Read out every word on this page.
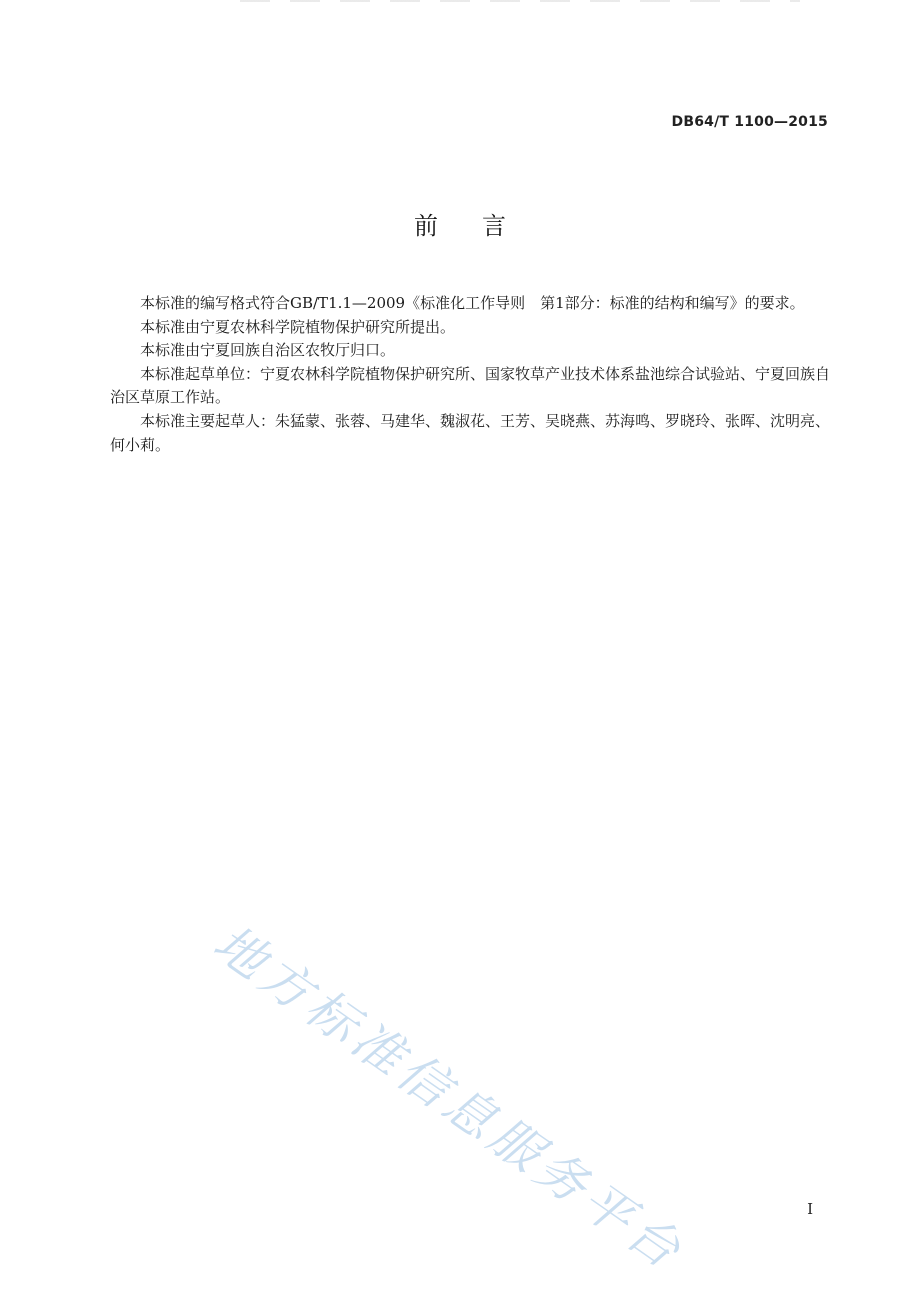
DB64/T 1100—2015
前言

本标准的编写格式符合GB/T1.1—2009《标准化工作导则　第1部分：标准的结构和编写》的要求。

本标准由宁夏农林科学院植物保护研究所提出。

本标准由宁夏回族自治区农牧厅归口。

本标准起草单位：宁夏农林科学院植物保护研究所、国家牧草产业技术体系盐池综合试验站、宁夏回族自治区草原工作站。

本标准主要起草人：朱猛蒙、张蓉、马建华、魏淑花、王芳、吴晓燕、苏海鸣、罗晓玲、张晖、沈明亮、何小莉。

地方标准信息服务平台	I
